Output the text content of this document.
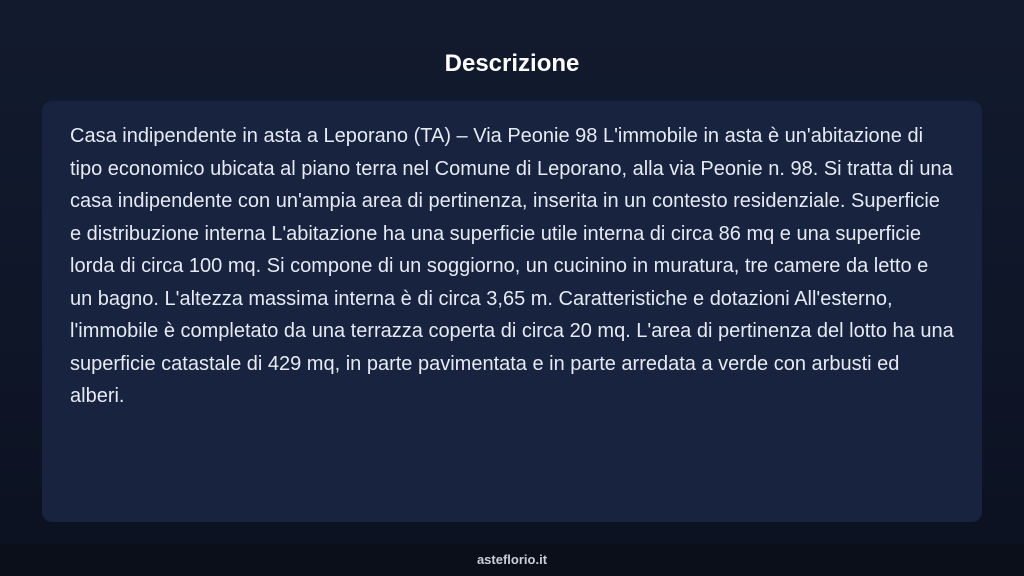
Descrizione

Casa indipendente in asta a Leporano (TA) – Via Peonie 98 L'immobile in asta è un'abitazione di tipo economico ubicata al piano terra nel Comune di Leporano, alla via Peonie n. 98. Si tratta di una casa indipendente con un'ampia area di pertinenza, inserita in un contesto residenziale. Superficie e distribuzione interna L'abitazione ha una superficie utile interna di circa 86 mq e una superficie lorda di circa 100 mq. Si compone di un soggiorno, un cucinino in muratura, tre camere da letto e un bagno. L'altezza massima interna è di circa 3,65 m. Caratteristiche e dotazioni All'esterno, l'immobile è completato da una terrazza coperta di circa 20 mq. L'area di pertinenza del lotto ha una superficie catastale di 429 mq, in parte pavimentata e in parte arredata a verde con arbusti ed alberi.

asteflorio.it
